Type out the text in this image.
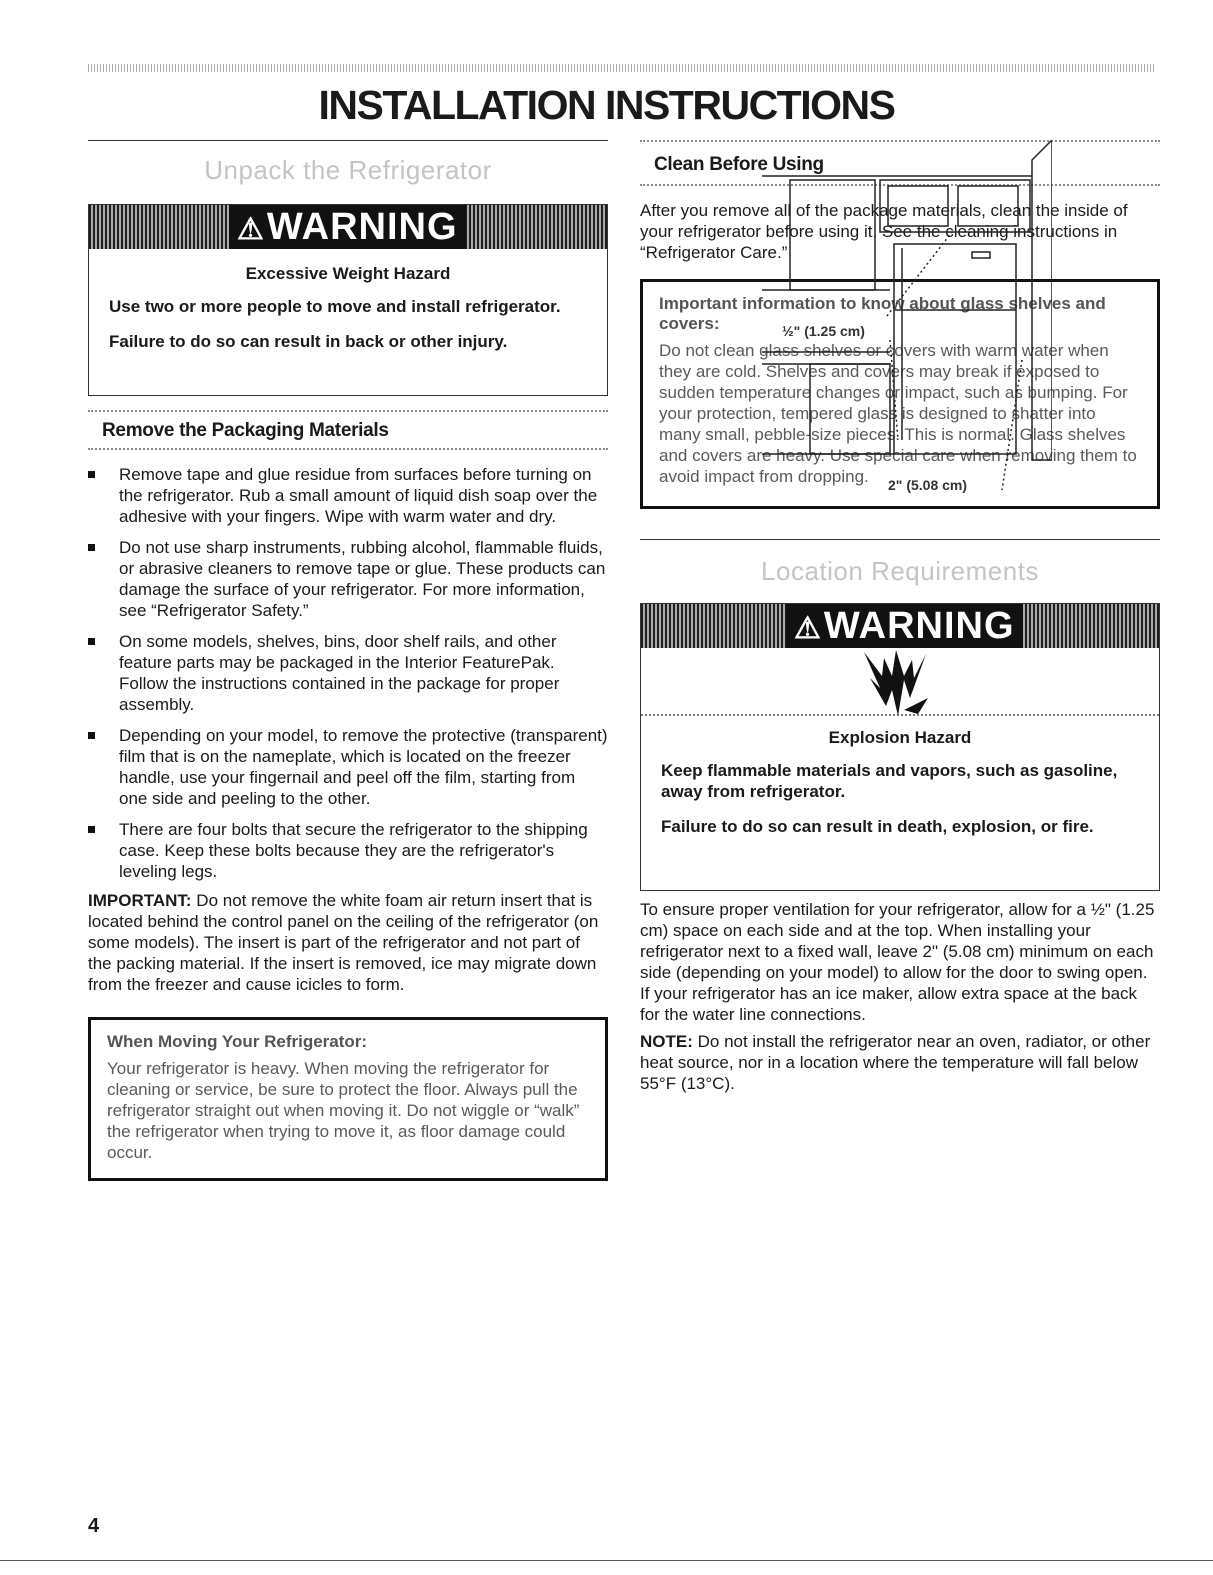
INSTALLATION INSTRUCTIONS
Unpack the Refrigerator
⚠WARNING

Excessive Weight Hazard

Use two or more people to move and install refrigerator.

Failure to do so can result in back or other injury.

Remove the Packaging Materials
Remove tape and glue residue from surfaces before turning on the refrigerator. Rub a small amount of liquid dish soap over the adhesive with your fingers. Wipe with warm water and dry.
Do not use sharp instruments, rubbing alcohol, flammable fluids, or abrasive cleaners to remove tape or glue. These products can damage the surface of your refrigerator. For more information, see “Refrigerator Safety.”
On some models, shelves, bins, door shelf rails, and other feature parts may be packaged in the Interior FeaturePak. Follow the instructions contained in the package for proper assembly.
Depending on your model, to remove the protective (transparent) film that is on the nameplate, which is located on the freezer handle, use your fingernail and peel off the film, starting from one side and peeling to the other.
There are four bolts that secure the refrigerator to the shipping case. Keep these bolts because they are the refrigerator's leveling legs.

IMPORTANT: Do not remove the white foam air return insert that is located behind the control panel on the ceiling of the refrigerator (on some models). The insert is part of the refrigerator and not part of the packing material. If the insert is removed, ice may migrate down from the freezer and cause icicles to form.

When Moving Your Refrigerator:

Your refrigerator is heavy. When moving the refrigerator for cleaning or service, be sure to protect the floor. Always pull the refrigerator straight out when moving it. Do not wiggle or “walk” the refrigerator when trying to move it, as floor damage could occur.

Clean Before Using

After you remove all of the package materials, clean the inside of your refrigerator before using it. See the cleaning instructions in “Refrigerator Care.”

Important information to know about glass shelves and covers:

Do not clean glass shelves or covers with warm water when they are cold. Shelves and covers may break if exposed to sudden temperature changes or impact, such as bumping. For your protection, tempered glass is designed to shatter into many small, pebble-size pieces. This is normal. Glass shelves and covers are heavy. Use special care when removing them to avoid impact from dropping.

Location Requirements
⚠WARNING

Explosion Hazard

Keep flammable materials and vapors, such as gasoline, away from refrigerator.

Failure to do so can result in death, explosion, or fire.

To ensure proper ventilation for your refrigerator, allow for a ½" (1.25 cm) space on each side and at the top. When installing your refrigerator next to a fixed wall, leave 2" (5.08 cm) minimum on each side (depending on your model) to allow for the door to swing open. If your refrigerator has an ice maker, allow extra space at the back for the water line connections.

NOTE: Do not install the refrigerator near an oven, radiator, or other heat source, nor in a location where the temperature will fall below 55°F (13°C).

½" (1.25 cm)
2" (5.08 cm)
4
